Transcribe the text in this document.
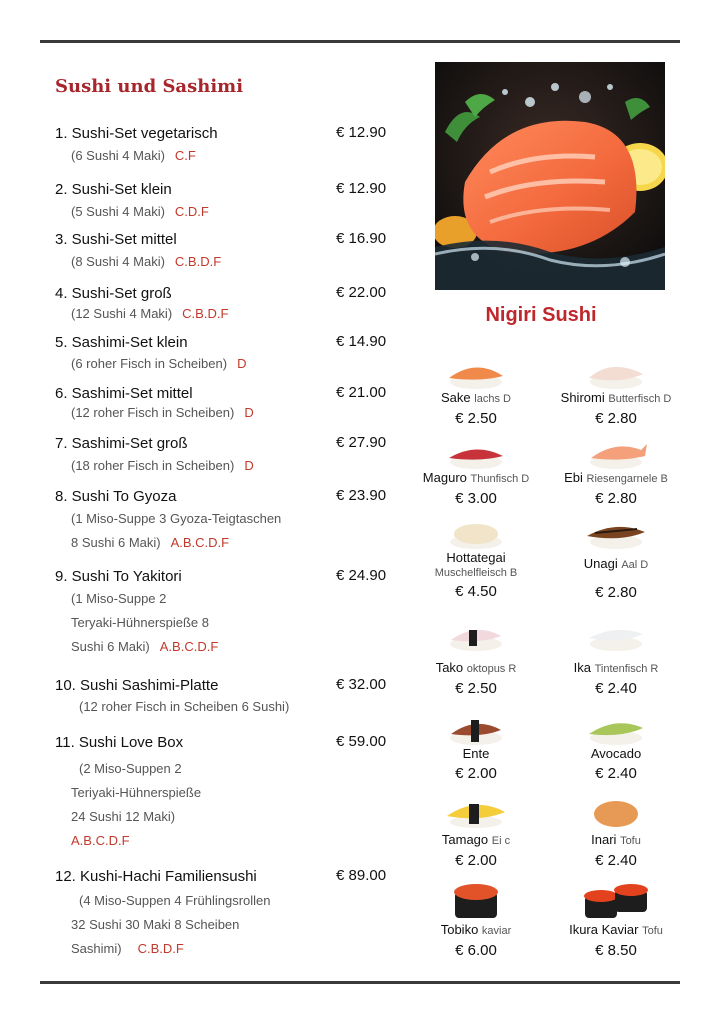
Sushi und Sashimi
1. Sushi-Set vegetarisch	€ 12.90
(6 Sushi 4 Maki) C.F
2. Sushi-Set klein	€ 12.90
(5 Sushi 4 Maki) C.D.F
3. Sushi-Set mittel	€ 16.90
(8 Sushi 4 Maki) C.B.D.F
4. Sushi-Set groß	€ 22.00
(12 Sushi 4 Maki) C.B.D.F
5. Sashimi-Set klein	€ 14.90
(6 roher Fisch in Scheiben) D
6. Sashimi-Set mittel	€ 21.00
(12 roher Fisch in Scheiben) D
7. Sashimi-Set groß	€ 27.90
(18 roher Fisch in Scheiben) D
8. Sushi To Gyoza	€ 23.90
(1 Miso-Suppe 3 Gyoza-Teigtaschen
8 Sushi 6 Maki) A.B.C.D.F
9. Sushi To Yakitori	€ 24.90
(1 Miso-Suppe 2
Teryaki-Hühnerspieße 8
Sushi 6 Maki) A.B.C.D.F
10. Sushi Sashimi-Platte	€ 32.00
(12 roher Fisch in Scheiben 6 Sushi)
11. Sushi Love Box	€ 59.00
(2 Miso-Suppen 2
Teriyaki-Hühnerspieße
24 Sushi 12 Maki)
A.B.C.D.F
12. Kushi-Hachi Familiensushi	€ 89.00
(4 Miso-Suppen 4 Frühlingsrollen
32 Sushi 30 Maki 8 Scheiben
Sashimi) C.B.D.F
Nigiri Sushi
Sake lachs D
€ 2.50
Shiromi Butterfisch D
€ 2.80
Maguro Thunfisch D
€ 3.00
Ebi Riesengarnele B
€ 2.80
Hottategai
Muschelfleisch B
€ 4.50
Unagi Aal D
€ 2.80
Tako oktopus R
€ 2.50
Ika Tintenfisch R
€ 2.40
Ente
€ 2.00
Avocado
€ 2.40
Tamago Ei c
€ 2.00
Inari Tofu
€ 2.40
Tobiko kaviar
€ 6.00
Ikura Kaviar Tofu
€ 8.50
